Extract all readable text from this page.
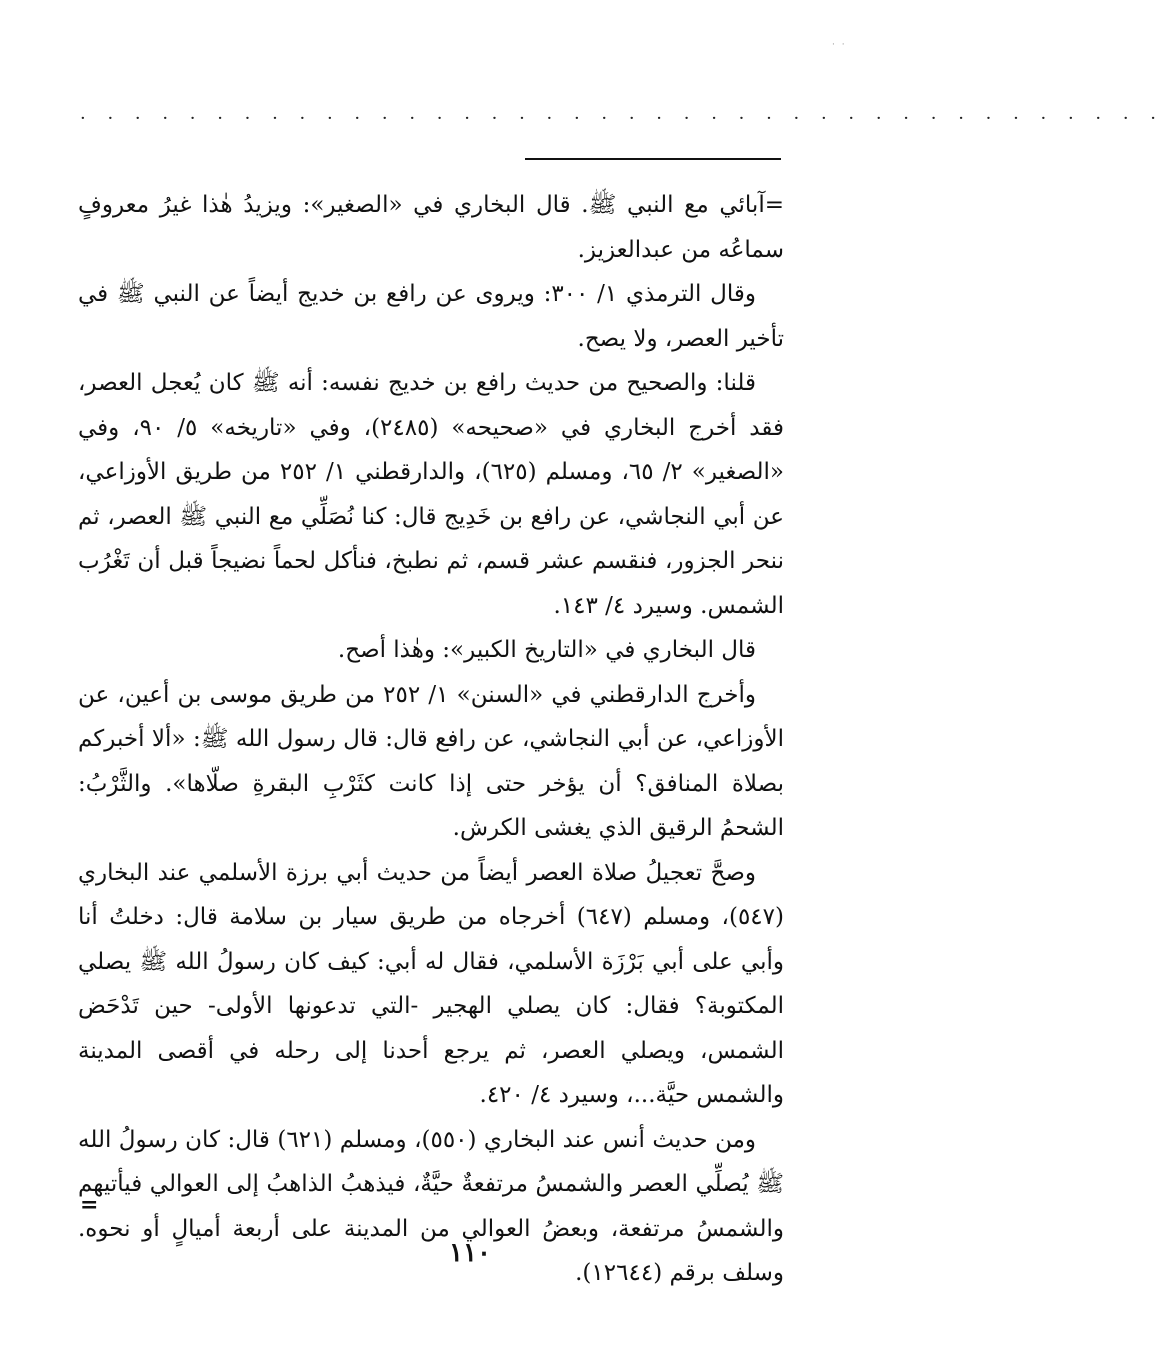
· ·
· · · · · · · · · · · · · · · · · · · · · · · · · · · · · · · · · · · · · · · ·

=آبائي مع النبي ﷺ. قال البخاري في «الصغير»: ويزيدُ هٰذا غيرُ معروفٍ سماعُه من عبدالعزيز.

وقال الترمذي ١/ ٣٠٠: ويروى عن رافع بن خديج أيضاً عن النبي ﷺ في تأخير العصر، ولا يصح.

قلنا: والصحيح من حديث رافع بن خديج نفسه: أنه ﷺ كان يُعجل العصر، فقد أخرج البخاري في «صحيحه» (٢٤٨٥)، وفي «تاريخه» ٥/ ٩٠، وفي «الصغير» ٢/ ٦٥، ومسلم (٦٢٥)، والدارقطني ١/ ٢٥٢ من طريق الأوزاعي، عن أبي النجاشي، عن رافع بن خَدِيج قال: كنا نُصَلِّي مع النبي ﷺ العصر، ثم ننحر الجزور، فنقسم عشر قسم، ثم نطبخ، فنأكل لحماً نضيجاً قبل أن تَغْرُب الشمس. وسيرد ٤/ ١٤٣.

قال البخاري في «التاريخ الكبير»: وهٰذا أصح.

وأخرج الدارقطني في «السنن» ١/ ٢٥٢ من طريق موسى بن أعين، عن الأوزاعي، عن أبي النجاشي، عن رافع قال: قال رسول الله ﷺ: «ألا أخبركم بصلاة المنافق؟ أن يؤخر حتى إذا كانت كثَرْبِ البقرةِ صلّاها». والثَّرْبُ: الشحمُ الرقيق الذي يغشى الكرش.

وصحَّ تعجيلُ صلاة العصر أيضاً من حديث أبي برزة الأسلمي عند البخاري (٥٤٧)، ومسلم (٦٤٧) أخرجاه من طريق سيار بن سلامة قال: دخلتُ أنا وأبي على أبي بَرْزَة الأسلمي، فقال له أبي: كيف كان رسولُ الله ﷺ يصلي المكتوبة؟ فقال: كان يصلي الهجير -التي تدعونها الأولى- حين تَدْحَض الشمس، ويصلي العصر، ثم يرجع أحدنا إلى رحله في أقصى المدينة والشمس حيَّة...، وسيرد ٤/ ٤٢٠.

ومن حديث أنس عند البخاري (٥٥٠)، ومسلم (٦٢١) قال: كان رسولُ الله ﷺ يُصلِّي العصر والشمسُ مرتفعةٌ حيَّةٌ، فيذهبُ الذاهبُ إلى العوالي فيأتيهم والشمسُ مرتفعة، وبعضُ العوالي من المدينة على أربعة أميالٍ أو نحوه. وسلف برقم (١٢٦٤٤).

=
١١٠
